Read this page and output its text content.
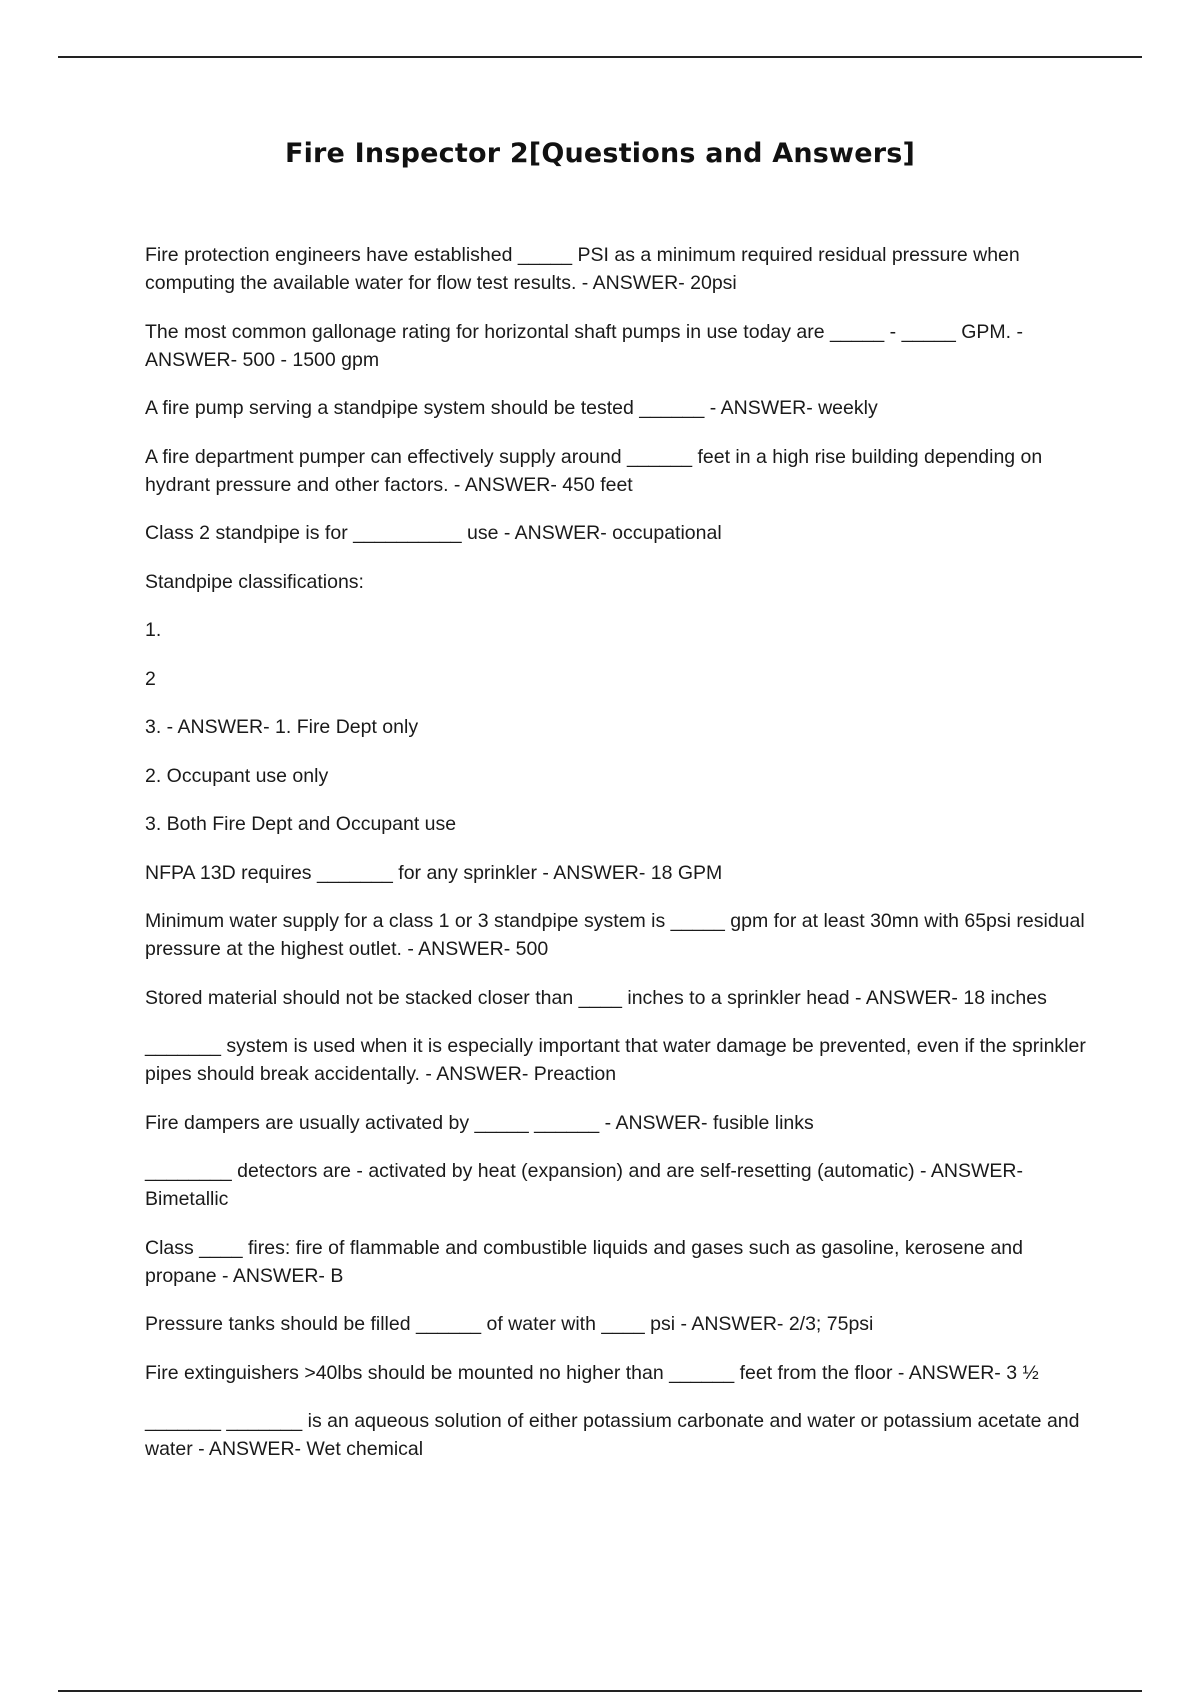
Fire Inspector 2[Questions and Answers]

Fire protection engineers have established _____ PSI as a minimum required residual pressure when computing the available water for flow test results. - ANSWER- 20psi

The most common gallonage rating for horizontal shaft pumps in use today are _____ - _____ GPM. - ANSWER- 500 - 1500 gpm

A fire pump serving a standpipe system should be tested ______ - ANSWER- weekly

A fire department pumper can effectively supply around ______ feet in a high rise building depending on hydrant pressure and other factors. - ANSWER- 450 feet

Class 2 standpipe is for __________ use - ANSWER- occupational

Standpipe classifications:

1.

2

3. - ANSWER- 1. Fire Dept only

2. Occupant use only

3. Both Fire Dept and Occupant use

NFPA 13D requires _______ for any sprinkler - ANSWER- 18 GPM

Minimum water supply for a class 1 or 3 standpipe system is _____ gpm for at least 30mn with 65psi residual pressure at the highest outlet. - ANSWER- 500

Stored material should not be stacked closer than ____ inches to a sprinkler head - ANSWER- 18 inches

_______ system is used when it is especially important that water damage be prevented, even if the sprinkler pipes should break accidentally. - ANSWER- Preaction

Fire dampers are usually activated by _____ ______ - ANSWER- fusible links

________ detectors are - activated by heat (expansion) and are self-resetting (automatic) - ANSWER- Bimetallic

Class ____ fires: fire of flammable and combustible liquids and gases such as gasoline, kerosene and propane - ANSWER- B

Pressure tanks should be filled ______ of water with ____ psi - ANSWER- 2/3; 75psi

Fire extinguishers >40lbs should be mounted no higher than ______ feet from the floor - ANSWER- 3 ½

_______ _______ is an aqueous solution of either potassium carbonate and water or potassium acetate and water - ANSWER- Wet chemical
